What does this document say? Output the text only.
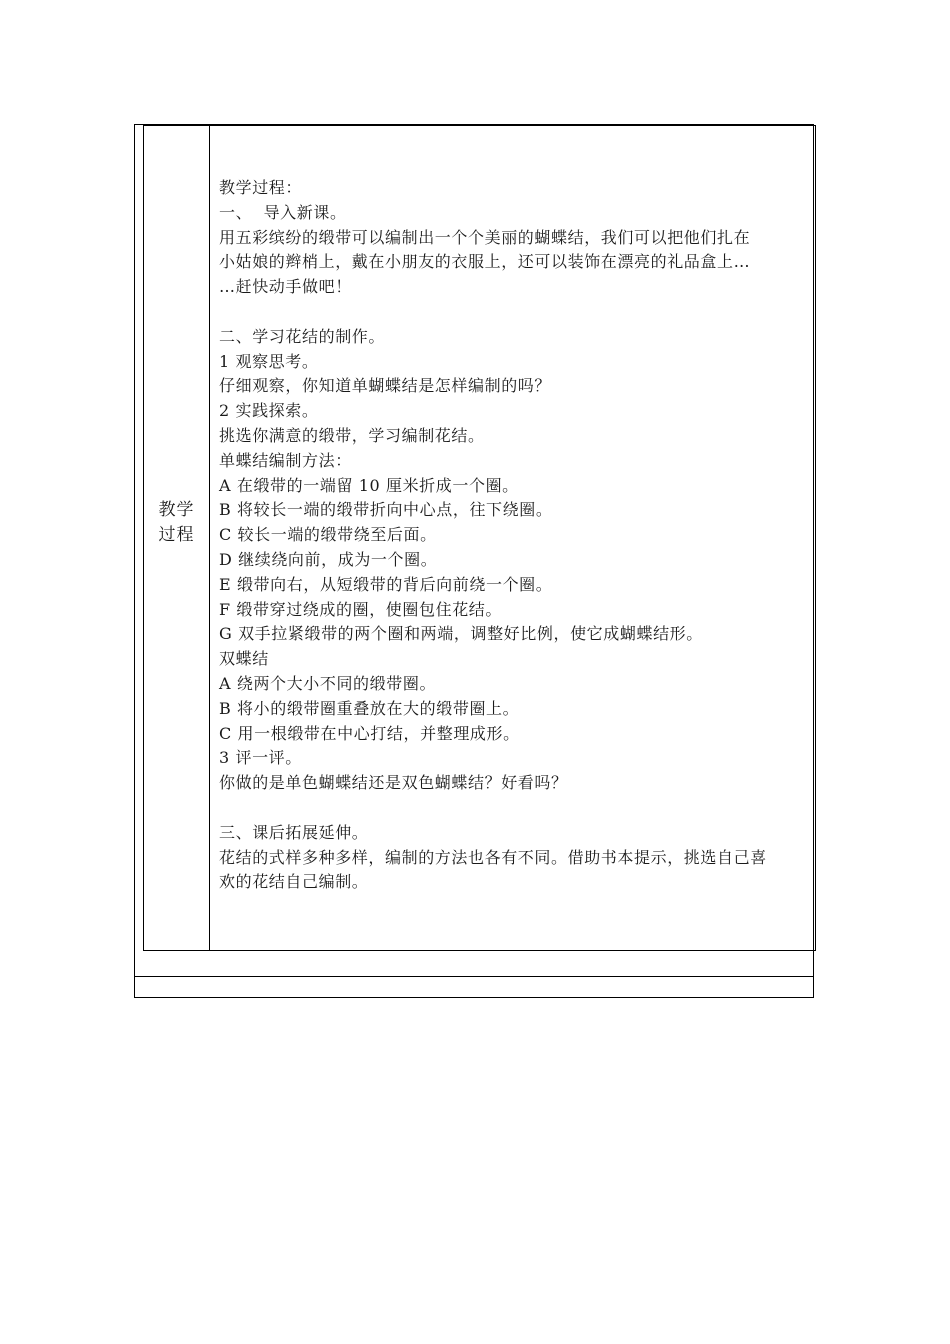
教学
过程
教学过程：
一、  导入新课。
用五彩缤纷的缎带可以编制出一个个美丽的蝴蝶结，我们可以把他们扎在
小姑娘的辫梢上，戴在小朋友的衣服上，还可以装饰在漂亮的礼品盒上…
…赶快动手做吧！
二、学习花结的制作。
1 观察思考。
仔细观察，你知道单蝴蝶结是怎样编制的吗？
2 实践探索。
挑选你满意的缎带，学习编制花结。
单蝶结编制方法：
A 在缎带的一端留 10 厘米折成一个圈。
B 将较长一端的缎带折向中心点，往下绕圈。
C 较长一端的缎带绕至后面。
D 继续绕向前，成为一个圈。
E 缎带向右，从短缎带的背后向前绕一个圈。
F 缎带穿过绕成的圈，使圈包住花结。
G 双手拉紧缎带的两个圈和两端，调整好比例，使它成蝴蝶结形。
双蝶结
A 绕两个大小不同的缎带圈。
B 将小的缎带圈重叠放在大的缎带圈上。
C 用一根缎带在中心打结，并整理成形。
3 评一评。
你做的是单色蝴蝶结还是双色蝴蝶结？好看吗？
三、课后拓展延伸。
花结的式样多种多样，编制的方法也各有不同。借助书本提示，挑选自己喜
欢的花结自己编制。
